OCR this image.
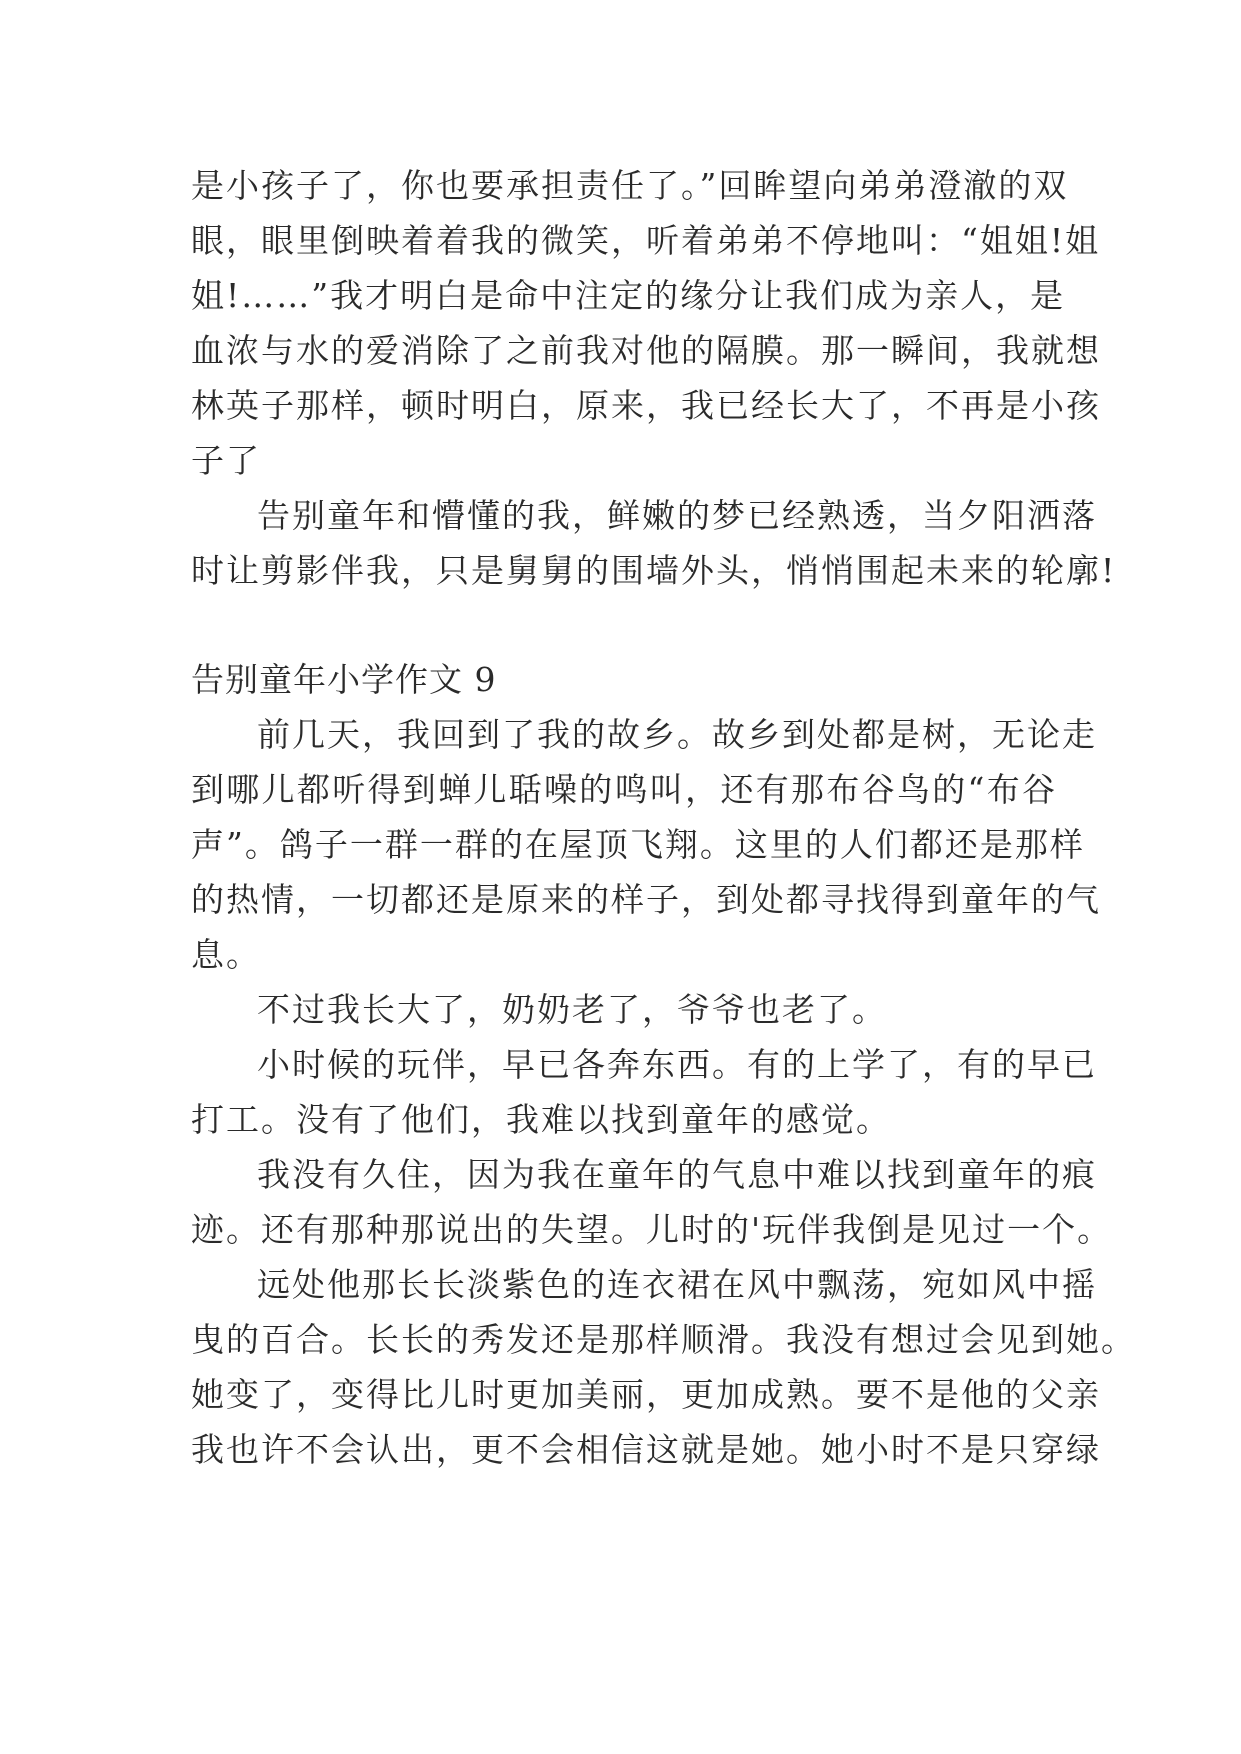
是小孩子了，你也要承担责任了。”回眸望向弟弟澄澈的双
眼，眼里倒映着着我的微笑，听着弟弟不停地叫：“姐姐!姐
姐!……”我才明白是命中注定的缘分让我们成为亲人，是
血浓与水的爱消除了之前我对他的隔膜。那一瞬间，我就想
林英子那样，顿时明白，原来，我已经长大了，不再是小孩
子了
告别童年和懵懂的我，鲜嫩的梦已经熟透，当夕阳洒落
时让剪影伴我，只是舅舅的围墙外头，悄悄围起未来的轮廓!
告别童年小学作文 9
前几天，我回到了我的故乡。故乡到处都是树，无论走
到哪儿都听得到蝉儿聒噪的鸣叫，还有那布谷鸟的“布谷
声”。鸽子一群一群的在屋顶飞翔。这里的人们都还是那样
的热情，一切都还是原来的样子，到处都寻找得到童年的气
息。
不过我长大了，奶奶老了，爷爷也老了。
小时候的玩伴，早已各奔东西。有的上学了，有的早已
打工。没有了他们，我难以找到童年的感觉。
我没有久住，因为我在童年的气息中难以找到童年的痕
迹。还有那种那说出的失望。儿时的'玩伴我倒是见过一个。
远处他那长长淡紫色的连衣裙在风中飘荡，宛如风中摇
曳的百合。长长的秀发还是那样顺滑。我没有想过会见到她。
她变了，变得比儿时更加美丽，更加成熟。要不是他的父亲
我也许不会认出，更不会相信这就是她。她小时不是只穿绿
